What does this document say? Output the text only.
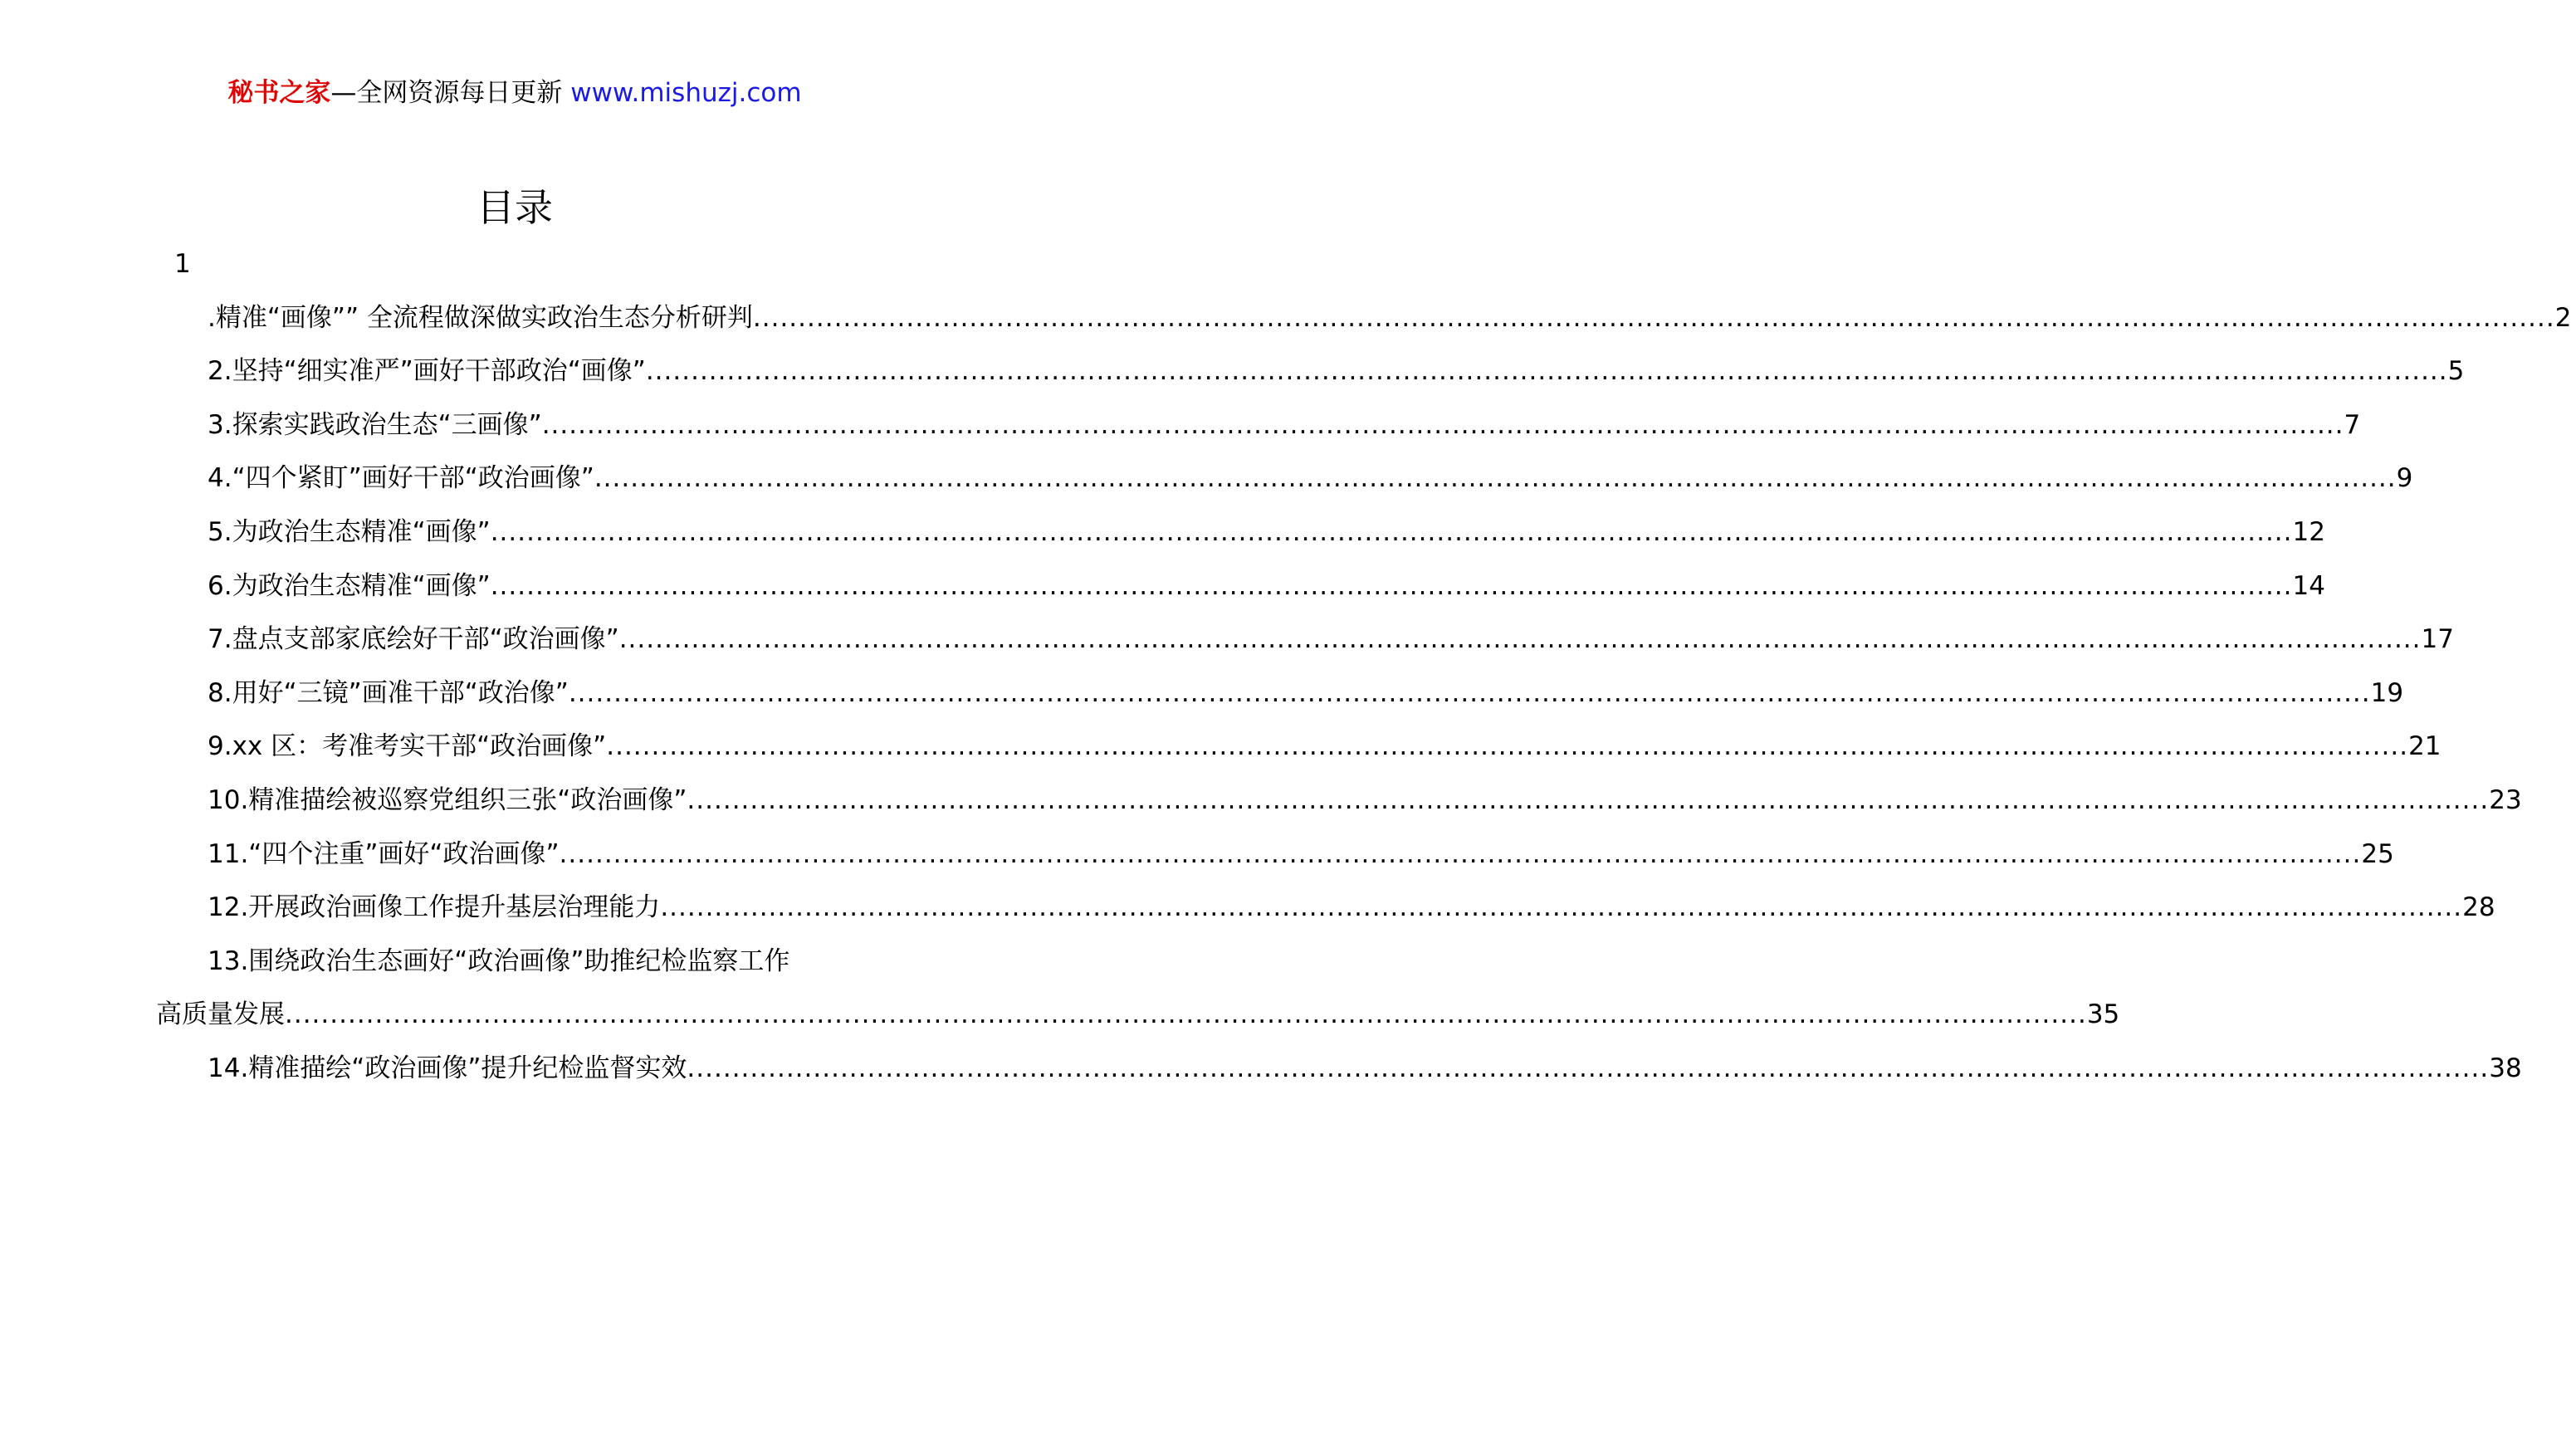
秘书之家—全网资源每日更新 www.mishuzj.com
目录
1
.精准“画像”” 全流程做深做实政治生态分析研判 ........................................................................................................................................................................................................ 2
2.坚持“细实准严”画好干部政治“画像” ........................................................................................................................................................................................................ 5
3.探索实践政治生态“三画像” ........................................................................................................................................................................................................ 7
4.“四个紧盯”画好干部“政治画像” ........................................................................................................................................................................................................ 9
5.为政治生态精准“画像” ........................................................................................................................................................................................................ 12
6.为政治生态精准“画像” ........................................................................................................................................................................................................ 14
7.盘点支部家底绘好干部“政治画像” ........................................................................................................................................................................................................ 17
8.用好“三镜”画准干部“政治像” ........................................................................................................................................................................................................ 19
9.xx 区：考准考实干部“政治画像” ........................................................................................................................................................................................................ 21
10.精准描绘被巡察党组织三张“政治画像” ........................................................................................................................................................................................................ 23
11.“四个注重”画好“政治画像” ........................................................................................................................................................................................................ 25
12.开展政治画像工作提升基层治理能力 ........................................................................................................................................................................................................ 28
13.围绕政治生态画好“政治画像”助推纪检监察工作
高质量发展 ........................................................................................................................................................................................................ 35
14.精准描绘“政治画像”提升纪检监督实效 ........................................................................................................................................................................................................ 38
